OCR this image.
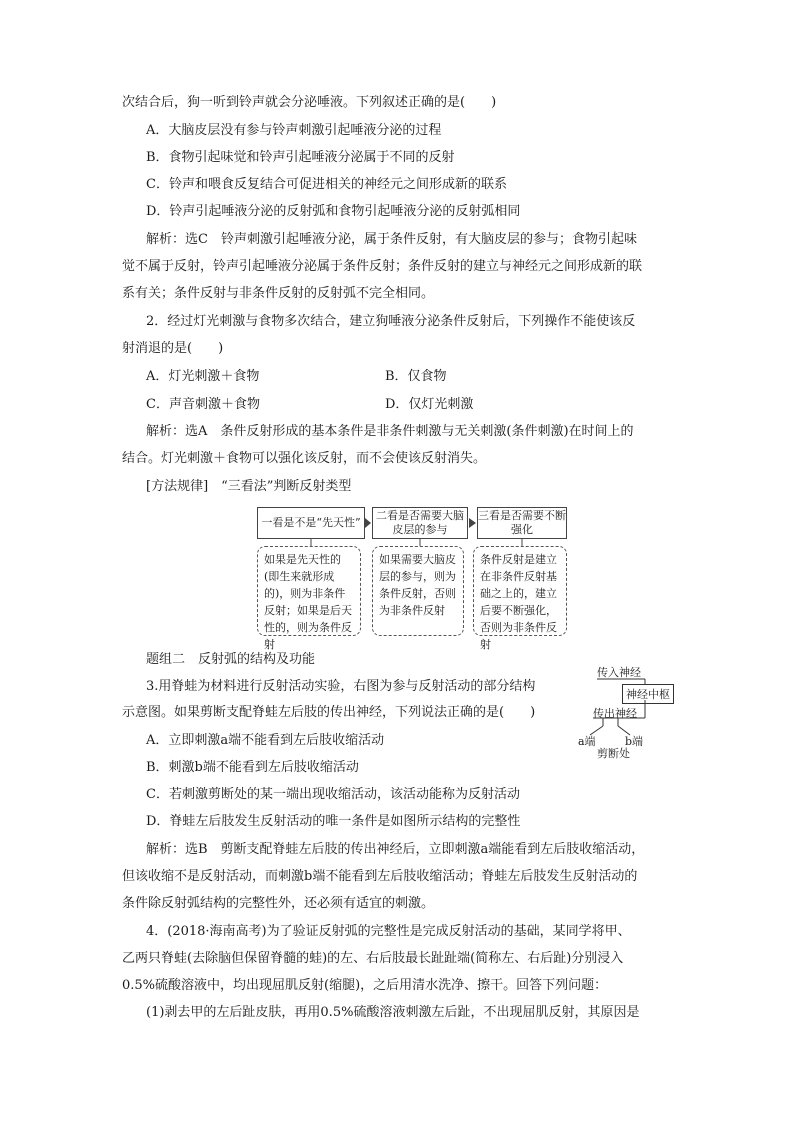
次结合后，狗一听到铃声就会分泌唾液。下列叙述正确的是(　　)
A．大脑皮层没有参与铃声刺激引起唾液分泌的过程
B．食物引起味觉和铃声引起唾液分泌属于不同的反射
C．铃声和喂食反复结合可促进相关的神经元之间形成新的联系
D．铃声引起唾液分泌的反射弧和食物引起唾液分泌的反射弧相同
解析：选C　铃声刺激引起唾液分泌，属于条件反射，有大脑皮层的参与；食物引起味
觉不属于反射，铃声引起唾液分泌属于条件反射；条件反射的建立与神经元之间形成新的联
系有关；条件反射与非条件反射的反射弧不完全相同。
2．经过灯光刺激与食物多次结合，建立狗唾液分泌条件反射后，下列操作不能使该反
射消退的是(　　)
A．灯光刺激＋食物	B．仅食物
C．声音刺激＋食物	D．仅灯光刺激
解析：选A　条件反射形成的基本条件是非条件刺激与无关刺激(条件刺激)在时间上的
结合。灯光刺激＋食物可以强化该反射，而不会使该反射消失。
[方法规律]　“三看法”判断反射类型
一看是不是“先天性”
二看是否需要大脑皮层的参与
三看是否需要不断强化
如果是先天性的(即生来就形成的)，则为非条件反射；如果是后天性的，则为条件反射
如果需要大脑皮层的参与，则为条件反射，否则为非条件反射
条件反射是建立在非条件反射基础之上的，建立后要不断强化，否则为非条件反射
题组二　反射弧的结构及功能
3.用脊蛙为材料进行反射活动实验，右图为参与反射活动的部分结构
示意图。如果剪断支配脊蛙左后肢的传出神经，下列说法正确的是(　　)
A．立即刺激a端不能看到左后肢收缩活动
B．刺激b端不能看到左后肢收缩活动
C．若刺激剪断处的某一端出现收缩活动，该活动能称为反射活动
D．脊蛙左后肢发生反射活动的唯一条件是如图所示结构的完整性
传入神经
神经中枢
传出神经
a端	b端
剪断处
解析：选B　剪断支配脊蛙左后肢的传出神经后，立即刺激a端能看到左后肢收缩活动，
但该收缩不是反射活动，而刺激b端不能看到左后肢收缩活动；脊蛙左后肢发生反射活动的
条件除反射弧结构的完整性外，还必须有适宜的刺激。
4．(2018·海南高考)为了验证反射弧的完整性是完成反射活动的基础，某同学将甲、
乙两只脊蛙(去除脑但保留脊髓的蛙)的左、右后肢最长趾趾端(简称左、右后趾)分别浸入
0.5%硫酸溶液中，均出现屈肌反射(缩腿)，之后用清水洗净、擦干。回答下列问题：
(1)剥去甲的左后趾皮肤，再用0.5%硫酸溶液刺激左后趾，不出现屈肌反射，其原因是
